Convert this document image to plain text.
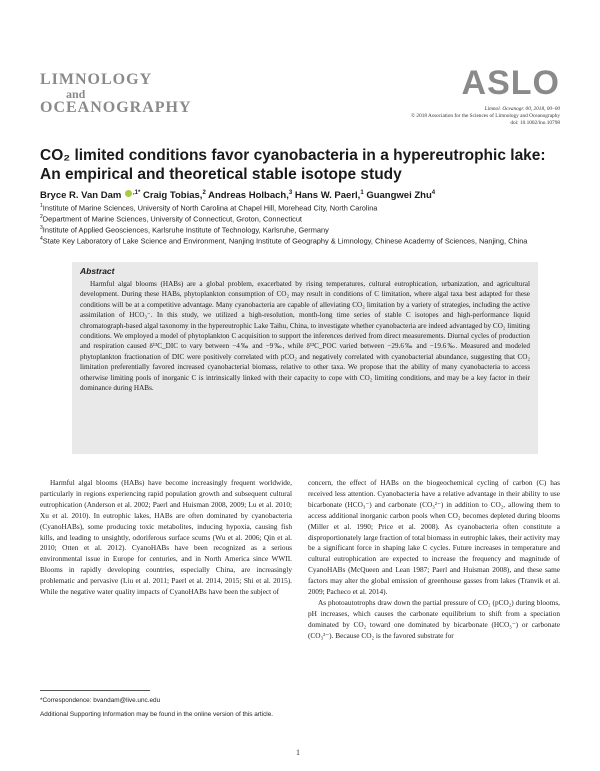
LIMNOLOGY
and
OCEANOGRAPHY
ASLO
Limnol. Oceanogr. 00, 2018, 00–00
© 2018 Association for the Sciences of Limnology and Oceanography
doi: 10.1002/lno.10798
CO₂ limited conditions favor cyanobacteria in a hypereutrophic lake: An empirical and theoretical stable isotope study
Bryce R. Van Dam $^{,1*}$ Craig Tobias,$^2$ Andreas Holbach,$^3$ Hans W. Paerl,$^1$ Guangwei Zhu$^4$
$^1$Institute of Marine Sciences, University of North Carolina at Chapel Hill, Morehead City, North Carolina
$^2$Department of Marine Sciences, University of Connecticut, Groton, Connecticut
$^3$Institute of Applied Geosciences, Karlsruhe Institute of Technology, Karlsruhe, Germany
$^4$State Key Laboratory of Lake Science and Environment, Nanjing Institute of Geography & Limnology, Chinese Academy of Sciences, Nanjing, China
Abstract
Harmful algal blooms (HABs) are a global problem, exacerbated by rising temperatures, cultural eutrophication, urbanization, and agricultural development. During these HABs, phytoplankton consumption of CO₂ may result in conditions of C limitation, where algal taxa best adapted for these conditions will be at a competitive advantage. Many cyanobacteria are capable of alleviating CO₂ limitation by a variety of strategies, including the active assimilation of HCO₃⁻. In this study, we utilized a high-resolution, month-long time series of stable C isotopes and high-performance liquid chromatograph-based algal taxonomy in the hypereutrophic Lake Taihu, China, to investigate whether cyanobacteria are indeed advantaged by CO₂ limiting conditions. We employed a model of phytoplankton C acquisition to support the inferences derived from direct measurements. Diurnal cycles of production and respiration caused δ¹³C_DIC to vary between −4‰ and −9‰, while δ¹³C_POC varied between −29.6‰ and −19.6‰. Measured and modeled phytoplankton fractionation of DIC were positively correlated with pCO₂ and negatively correlated with cyanobacterial abundance, suggesting that CO₂ limitation preferentially favored increased cyanobacterial biomass, relative to other taxa. We propose that the ability of many cyanobacteria to access otherwise limiting pools of inorganic C is intrinsically linked with their capacity to cope with CO₂ limiting conditions, and may be a key factor in their dominance during HABs.
Harmful algal blooms (HABs) have become increasingly frequent worldwide, particularly in regions experiencing rapid population growth and subsequent cultural eutrophication (Anderson et al. 2002; Paerl and Huisman 2008, 2009; Lu et al. 2010; Xu et al. 2010). In eutrophic lakes, HABs are often dominated by cyanobacteria (CyanoHABs), some producing toxic metabolites, inducing hypoxia, causing fish kills, and leading to unsightly, odoriferous surface scums (Wu et al. 2006; Qin et al. 2010; Otten et al. 2012). CyanoHABs have been recognized as a serious environmental issue in Europe for centuries, and in North America since WWII. Blooms in rapidly developing countries, especially China, are increasingly problematic and pervasive (Liu et al. 2011; Paerl et al. 2014, 2015; Shi et al. 2015). While the negative water quality impacts of CyanoHABs have been the subject of

concern, the effect of HABs on the biogeochemical cycling of carbon (C) has received less attention. Cyanobacteria have a relative advantage in their ability to use bicarbonate (HCO₃⁻) and carbonate (CO₃²⁻) in addition to CO₂, allowing them to access additional inorganic carbon pools when CO₂ becomes depleted during blooms (Miller et al. 1990; Price et al. 2008). As cyanobacteria often constitute a disproportionately large fraction of total biomass in eutrophic lakes, their activity may be a significant force in shaping lake C cycles. Future increases in temperature and cultural eutrophication are expected to increase the frequency and magnitude of CyanoHABs (McQueen and Lean 1987; Paerl and Huisman 2008), and these same factors may alter the global emission of greenhouse gasses from lakes (Tranvik et al. 2009; Pacheco et al. 2014).

As photoautotrophs draw down the partial pressure of CO₂ (pCO₂) during blooms, pH increases, which causes the carbonate equilibrium to shift from a speciation dominated by CO₂ toward one dominated by bicarbonate (HCO₃⁻) or carbonate (CO₃²⁻). Because CO₂ is the favored substrate for

*Correspondence: bvandam@live.unc.edu

Additional Supporting Information may be found in the online version of this article.

1
